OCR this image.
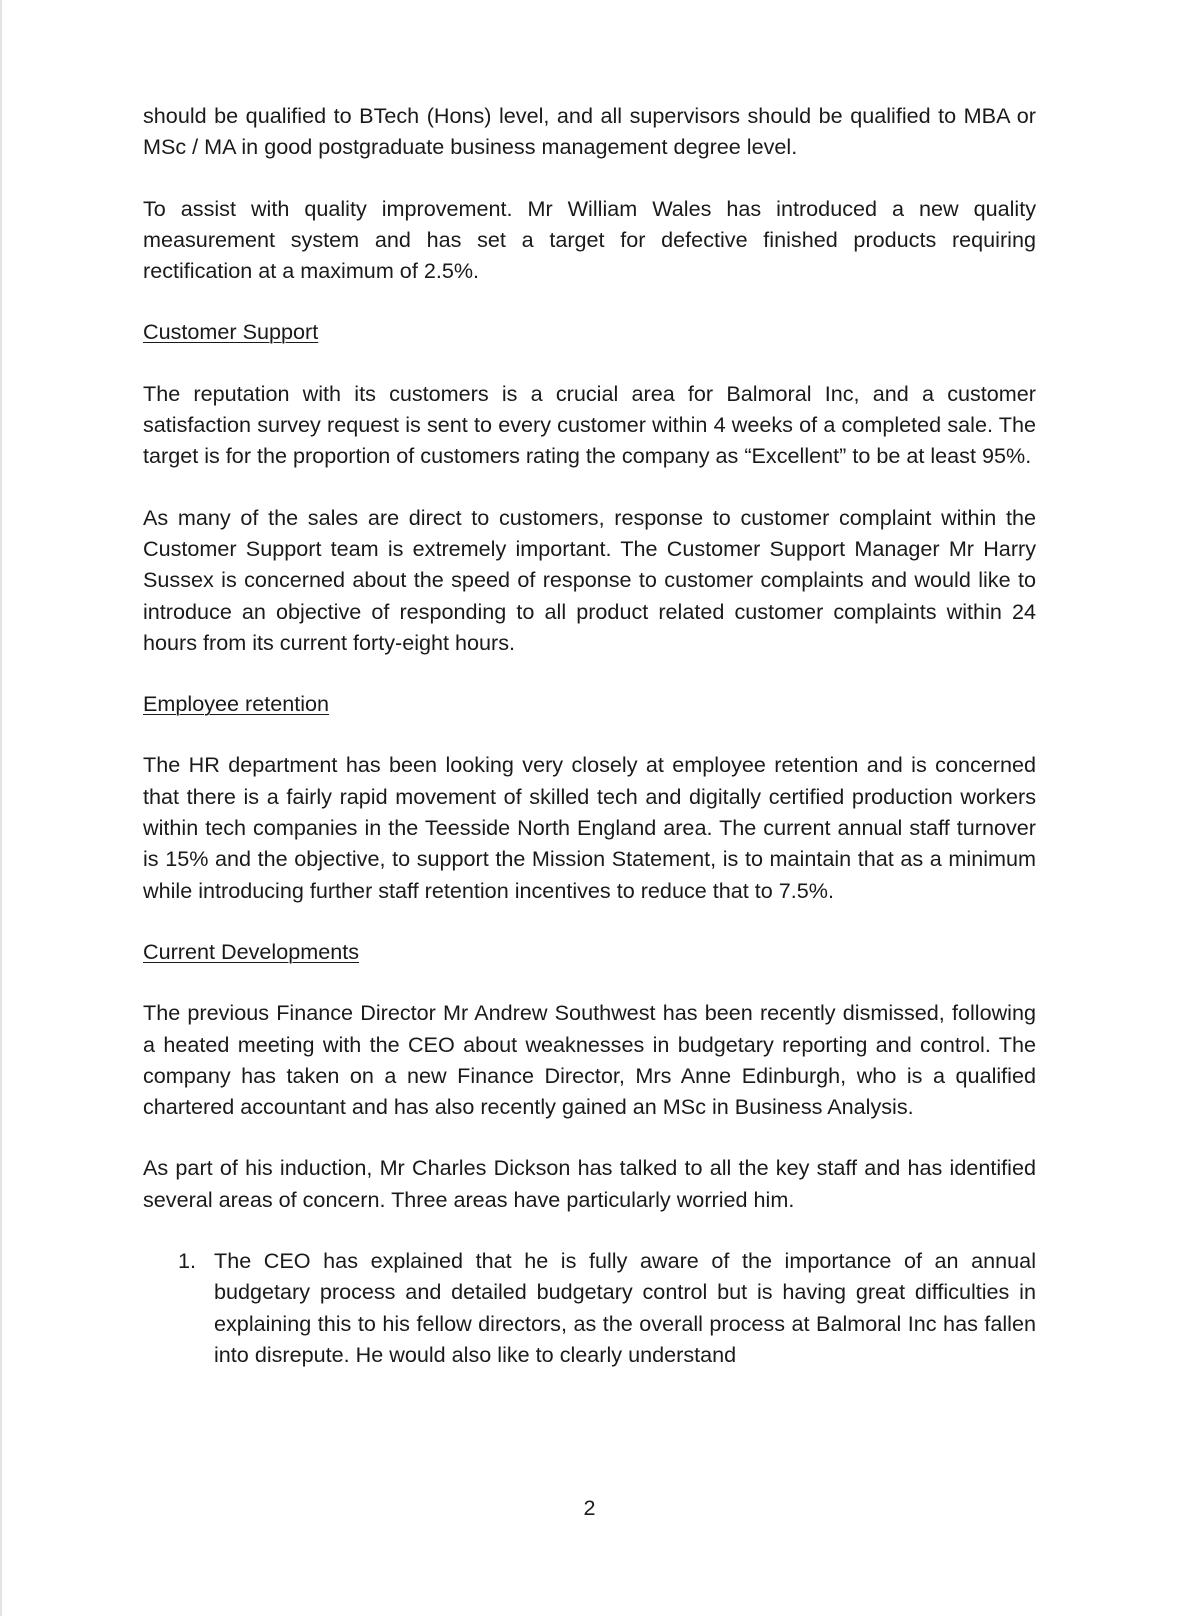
should be qualified to BTech (Hons) level, and all supervisors should be qualified to MBA or MSc / MA in good postgraduate business management degree level.

To assist with quality improvement. Mr William Wales has introduced a new quality measurement system and has set a target for defective finished products requiring rectification at a maximum of 2.5%.

Customer Support

The reputation with its customers is a crucial area for Balmoral Inc, and a customer satisfaction survey request is sent to every customer within 4 weeks of a completed sale. The target is for the proportion of customers rating the company as “Excellent” to be at least 95%.

As many of the sales are direct to customers, response to customer complaint within the Customer Support team is extremely important. The Customer Support Manager Mr Harry Sussex is concerned about the speed of response to customer complaints and would like to introduce an objective of responding to all product related customer complaints within 24 hours from its current forty-eight hours.

Employee retention

The HR department has been looking very closely at employee retention and is concerned that there is a fairly rapid movement of skilled tech and digitally certified production workers within tech companies in the Teesside North England area. The current annual staff turnover is 15% and the objective, to support the Mission Statement, is to maintain that as a minimum while introducing further staff retention incentives to reduce that to 7.5%.

Current Developments

The previous Finance Director Mr Andrew Southwest has been recently dismissed, following a heated meeting with the CEO about weaknesses in budgetary reporting and control. The company has taken on a new Finance Director, Mrs Anne Edinburgh, who is a qualified chartered accountant and has also recently gained an MSc in Business Analysis.

As part of his induction, Mr Charles Dickson has talked to all the key staff and has identified several areas of concern. Three areas have particularly worried him.

1. The CEO has explained that he is fully aware of the importance of an annual budgetary process and detailed budgetary control but is having great difficulties in explaining this to his fellow directors, as the overall process at Balmoral Inc has fallen into disrepute. He would also like to clearly understand
2
